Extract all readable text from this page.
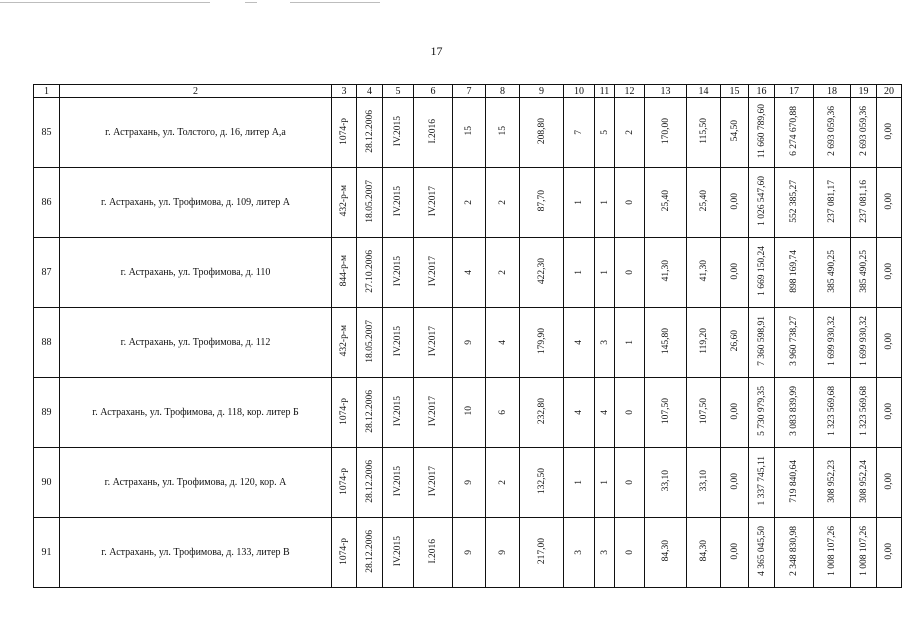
17
1	2	3	4	5	6	7	8	9	10	11	12	13	14	15	16	17	18	19	20
85	г. Астрахань, ул. Толстого, д. 16, литер А,а	1074-р	28.12.2006	IV.2015	I.2016	15	15	208,80	7	5	2	170,00	115,50	54,50	11 660 789,60	6 274 670,88	2 693 059,36	2 693 059,36	0,00
86	г. Астрахань, ул. Трофимова, д. 109, литер А	432-р-м	18.05.2007	IV.2015	IV.2017	2	2	87,70	1	1	0	25,40	25,40	0,00	1 026 547,60	552 385,27	237 081,17	237 081,16	0,00
87	г. Астрахань, ул. Трофимова, д. 110	844-р-м	27.10.2006	IV.2015	IV.2017	4	2	422,30	1	1	0	41,30	41,30	0,00	1 669 150,24	898 169,74	385 490,25	385 490,25	0,00
88	г. Астрахань, ул. Трофимова, д. 112	432-р-м	18.05.2007	IV.2015	IV.2017	9	4	179,90	4	3	1	145,80	119,20	26,60	7 360 598,91	3 960 738,27	1 699 930,32	1 699 930,32	0,00
89	г. Астрахань, ул. Трофимова, д. 118, кор. литер Б	1074-р	28.12.2006	IV.2015	IV.2017	10	6	232,80	4	4	0	107,50	107,50	0,00	5 730 979,35	3 083 839,99	1 323 569,68	1 323 569,68	0,00
90	г. Астрахань, ул. Трофимова, д. 120, кор. А	1074-р	28.12.2006	IV.2015	IV.2017	9	2	132,50	1	1	0	33,10	33,10	0,00	1 337 745,11	719 840,64	308 952,23	308 952,24	0,00
91	г. Астрахань, ул. Трофимова, д. 133, литер В	1074-р	28.12.2006	IV.2015	I.2016	9	9	217,00	3	3	0	84,30	84,30	0,00	4 365 045,50	2 348 830,98	1 008 107,26	1 008 107,26	0,00
